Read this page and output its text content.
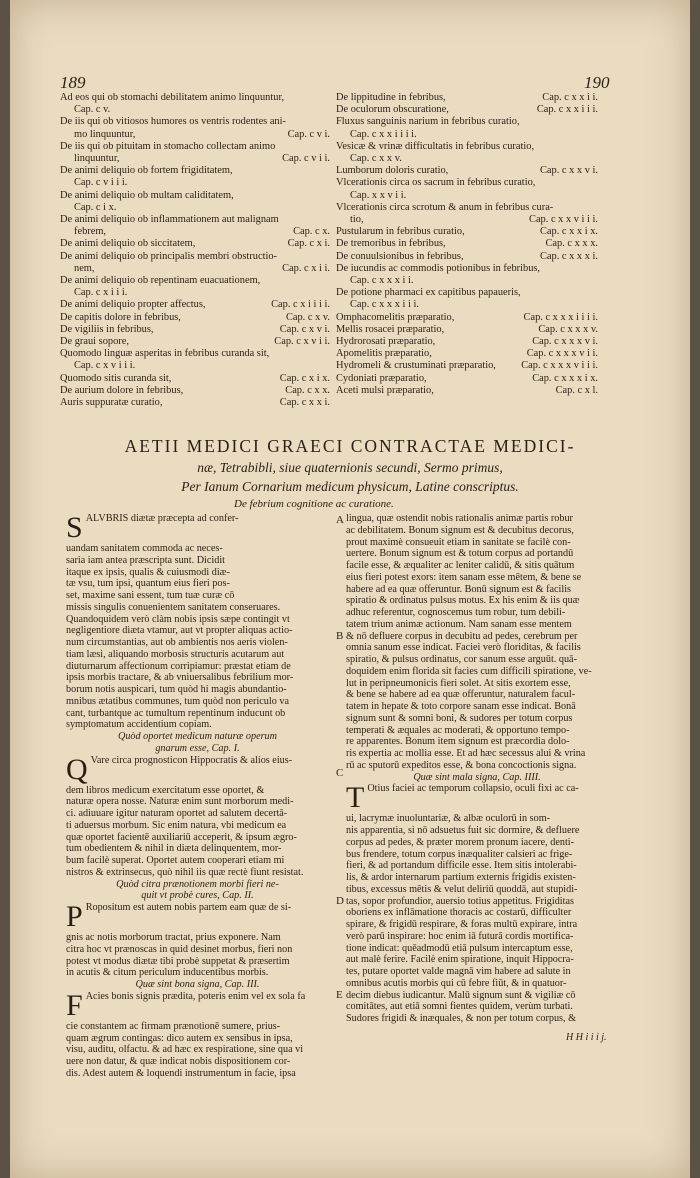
189	190
Ad eos qui ob stomachi debilitatem animo linquuntur,
Cap. c v.
De iis qui ob vitiosos humores os ventris rodentes ani-
mo linquuntur,	Cap. c v i.
De iis qui ob pituitam in stomacho collectam animo
linquuntur,	Cap. c v i i.
De animi deliquio ob fortem frigiditatem,
Cap. c v i i i.
De animi deliquio ob multam caliditatem,
Cap. c i x.
De animi deliquio ob inflammationem aut malignam
febrem,	Cap. c x.
De animi deliquio ob siccitatem,	Cap. c x i.
De animi deliquio ob principalis membri obstructio-
nem,	Cap. c x i i.
De animi deliquio ob repentinam euacuationem,
Cap. c x i i i.
De animi deliquio propter affectus,	Cap. c x i i i i.
De capitis dolore in febribus,	Cap. c x v.
De vigiliis in febribus,	Cap. c x v i.
De graui sopore,	Cap. c x v i i.
Quomodo linguæ asperitas in febribus curanda sit,
Cap. c x v i i i.
Quomodo sitis curanda sit,	Cap. c x i x.
De aurium dolore in febribus,	Cap. c x x.
Auris suppuratæ curatio,	Cap. c x x i.
De lippitudine in febribus,	Cap. c x x i i.
De oculorum obscuratione,	Cap. c x x i i i.
Fluxus sanguinis narium in febribus curatio,
Cap. c x x i i i i.
Vesicæ & vrinæ difficultatis in febribus curatio,
Cap. c x x v.
Lumborum doloris curatio,	Cap. c x x v i.
Vlcerationis circa os sacrum in febribus curatio,
Cap. x x v i i.
Vlcerationis circa scrotum & anum in febribus cura-
tio,	Cap. c x x v i i i.
Pustularum in febribus curatio,	Cap. c x x i x.
De tremoribus in febribus,	Cap. c x x x.
De conuulsionibus in febribus,	Cap. c x x x i.
De iucundis ac commodis potionibus in febribus,
Cap. c x x x i i.
De potione pharmaci ex capitibus papaueris,
Cap. c x x x i i i.
Omphacomelitis præparatio,	Cap. c x x x i i i i.
Mellis rosacei præparatio,	Cap. c x x x v.
Hydrorosati præparatio,	Cap. c x x x v i.
Apomelitis præparatio,	Cap. c x x x v i i.
Hydromeli & crustuminati præparatio,	Cap. c x x x v i i i.
Cydoniati præparatio,	Cap. c x x x i x.
Aceti mulsi præparatio,	Cap. c x l.
AETII MEDICI GRAECI CONTRACTAE MEDICI-
næ, Tetrabibli, siue quaternionis secundi, Sermo primus,
Per Ianum Cornarium medicum physicum, Latine conscriptus.
De febrium cognitione ac curatione.
SALVBRIS diætæ præcepta ad confer-
uandam sanitatem commoda ac neces-
saria iam antea præscripta sunt. Dicidit
itaque ex ipsis, qualis & cuiusmodi diæ-
tæ vsu, tum ipsi, quantum eius fieri pos-
set, maxime sani essent, tum tuæ curæ cō
missis singulis conuenientem sanitatem conseruares.
Quandoquidem verò clàm nobis ipsis sæpe contingit vt
negligentiore diæta vtamur, aut vt propter aliquas actio-
num circumstantias, aut ob ambientis nos aeris violen-
tiam læsi, aliquando morbosis structuris acutarum aut
diuturnarum affectionum corripiamur: præstat etiam de
ipsis morbis tractare, & ab vniuersalibus febrilium mor-
borum notis auspicari, tum quòd hi magis abundantio-
mnibus ætatibus communes, tum quòd non periculo va
cant, turbantque ac tumultum repentinum inducunt ob
symptomatum accidentium copiam.
Quòd oportet medicum naturæ operum
gnarum esse, Cap. I.
Q Vare circa prognosticon Hippocratis & alios eius-
dem libros medicum exercitatum esse oportet, &
naturæ opera nosse. Naturæ enim sunt morborum medi-
ci. adiuuare igitur naturam oportet ad salutem decertā-
ti aduersus morbum. Sic enim natura, vbi medicum ea
quæ oportet facientē auxiliariū acceperit, & ipsum ægro-
tum obedientem & nihil in diæta delinquentem, mor-
bum facilè superat. Oportet autem cooperari etiam mi
nistros & extrinsecus, quò nihil iis quæ rectè fiunt resistat.
Quòd citra prænotionem morbi fieri ne-
quit vt probè cures, Cap. II.
P Ropositum est autem nobis partem eam quæ de si-
gnis ac notis morborum tractat, prius exponere. Nam
citra hoc vt prænoscas in quid desinet morbus, fieri non
potest vt modus diætæ tibi probè suppetat & præsertim
in acutis & citum periculum inducentibus morbis.
Quæ sint bona signa, Cap. III.
F Acies bonis signis prædita, poteris enim vel ex sola fa
cie constantem ac firmam prænotionē sumere, prius-
quam ægrum contingas: dico autem ex sensibus in ipsa,
visu, auditu, olfactu. & ad hæc ex respiratione, sine qua vi
uere non datur, & quæ indicat nobis dispositionem cor-
dis. Adest autem & loquendi instrumentum in facie, ipsa
lingua, quæ ostendit nobis rationalis animæ partis robur
ac debilitatem. Bonum signum est & decubitus decorus,
prout maximè consueuit etiam in sanitate se facilè con-
uertere. Bonum signum est & totum corpus ad portandū
facile esse, & æqualiter ac leniter calidū, & sitis quātum
eius fieri potest exors: item sanam esse mētem, & bene se
habere ad ea quæ offeruntur. Bonū signum est & facilis
spiratio & ordinatus pulsus motus. Ex his enim & iis quæ
adhuc referentur, cognoscemus tum robur, tum debili-
tatem trium animæ actionum. Nam sanam esse mentem
& nō defluere corpus in decubitu ad pedes, cerebrum per
omnia sanum esse indicat. Faciei verò floriditas, & facilis
spiratio, & pulsus ordinatus, cor sanum esse arguūt. quā-
doquidem enim florida sit facies cum difficili spiratione, ve-
lut in peripneumonicis fieri solet. At sitis exortem esse,
& bene se habere ad ea quæ offeruntur, naturalem facul-
tatem in hepate & toto corpore sanam esse indicat. Bonā
signum sunt & somni boni, & sudores per totum corpus
temperati & æquales ac moderati, & opportuno tempo-
re apparentes. Bonum item signum est præcordia dolo-
ris expertia ac mollia esse. Et ad hæc secessus alui & vrina
rū ac sputorū expeditos esse, & bona concoctionis signa.
Quæ sint mala signa, Cap. IIII.
T Otius faciei ac temporum collapsio, oculi fixi ac ca-
ui, lacrymæ inuoluntariæ, & albæ oculorū in som-
nis apparentia, si nō adsuetus fuit sic dormire, & defluere
corpus ad pedes, & præter morem pronum iacere, denti-
bus frendere, totum corpus inæqualiter calsieri ac frige-
fieri, & ad portandum difficile esse. Item sitis intolerabi-
lis, & ardor internarum partium externis frigidis existen-
tibus, excessus mētis & velut deliriū quoddā, aut stupidi-
tas, sopor profundior, auersio totius appetitus. Frigiditas
oboriens ex inflāmatione thoracis ac costarū, difficulter
spirare, & frigidū respirare, & foras multū expirare, intra
verò parū inspirare: hoc enim iā futurā cordis mortifica-
tione indicat: quēadmodū etiā pulsum intercaptum esse,
aut malè ferire. Facilè enim spiratione, inquit Hippocra-
tes, putare oportet valde magnā vim habere ad salute in
omnibus acutis morbis qui cū febre fiūt, & in quatuor-
decim diebus iudicantur. Malū signum sunt & vigiliæ cō
comitātes, aut etiā somni fientes quidem, verùm turbati.
Sudores frigidi & inæquales, & non per totum corpus, &
A
B
C
D
E
H H i i i j.
